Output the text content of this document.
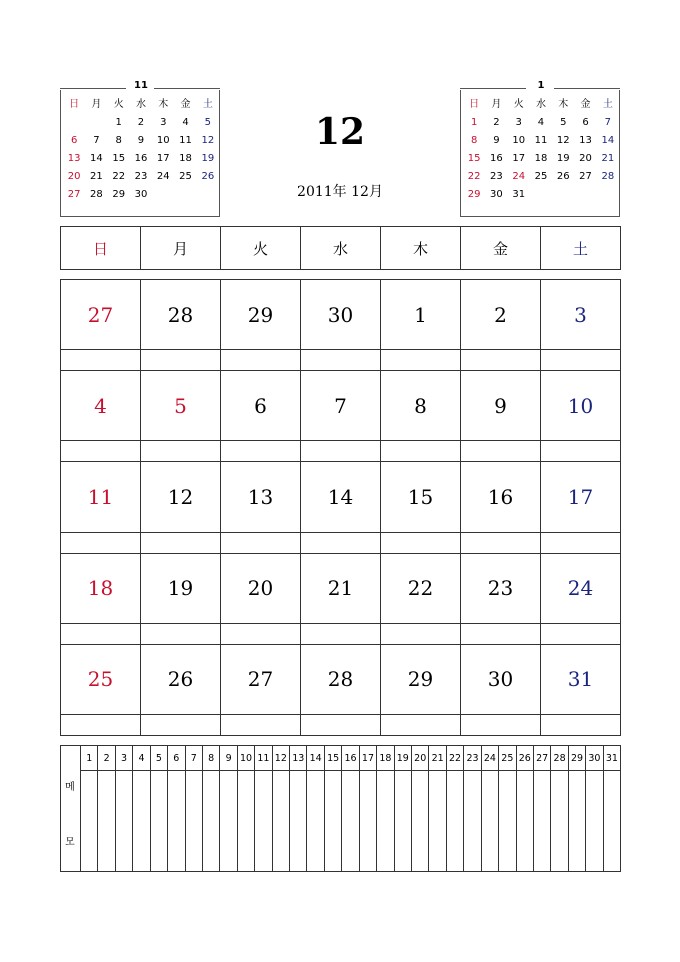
11
日	月	火	水	木	金	土
		1	2	3	4	5
6	7	8	9	10	11	12
13	14	15	16	17	18	19
20	21	22	23	24	25	26
27	28	29	30			
1
日	月	火	水	木	金	土
1	2	3	4	5	6	7
8	9	10	11	12	13	14
15	16	17	18	19	20	21
22	23	24	25	26	27	28
29	30	31				
12
2011年 12月
日	月	火	水	木	金	土
27	28	29	30	1	2	3
4	5	6	7	8	9	10
11	12	13	14	15	16	17
18	19	20	21	22	23	24
25	26	27	28	29	30	31
메
모
1	2	3	4	5	6	7	8	9 10 11 12 13 14 15 16 17 18 19 20 21 22 23 24 25 26 27 28 29 30 31
